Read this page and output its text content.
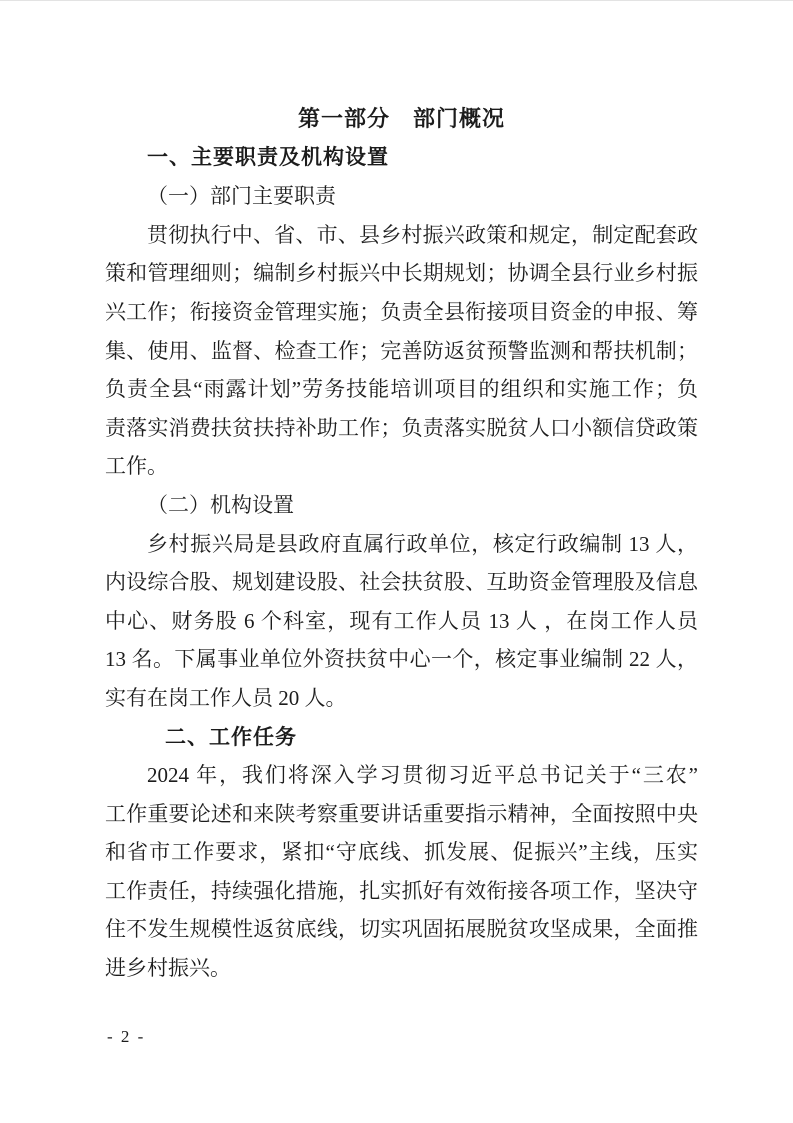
第一部分　部门概况
一、主要职责及机构设置
（一）部门主要职责
贯彻执行中、省、市、县乡村振兴政策和规定，制定配套政
策和管理细则；编制乡村振兴中长期规划；协调全县行业乡村振
兴工作；衔接资金管理实施；负责全县衔接项目资金的申报、筹
集、使用、监督、检查工作；完善防返贫预警监测和帮扶机制；
负责全县“雨露计划”劳务技能培训项目的组织和实施工作；负
责落实消费扶贫扶持补助工作；负责落实脱贫人口小额信贷政策
工作。
（二）机构设置
乡村振兴局是县政府直属行政单位，核定行政编制 13 人，
内设综合股、规划建设股、社会扶贫股、互助资金管理股及信息
中心、财务股 6 个科室，现有工作人员 13 人 ，在岗工作人员
13 名。下属事业单位外资扶贫中心一个，核定事业编制 22 人，
实有在岗工作人员 20 人。
二、工作任务
2024 年，我们将深入学习贯彻习近平总书记关于“三农”
工作重要论述和来陕考察重要讲话重要指示精神，全面按照中央
和省市工作要求，紧扣“守底线、抓发展、促振兴”主线，压实
工作责任，持续强化措施，扎实抓好有效衔接各项工作，坚决守
住不发生规模性返贫底线，切实巩固拓展脱贫攻坚成果，全面推
进乡村振兴。
- 2 -
